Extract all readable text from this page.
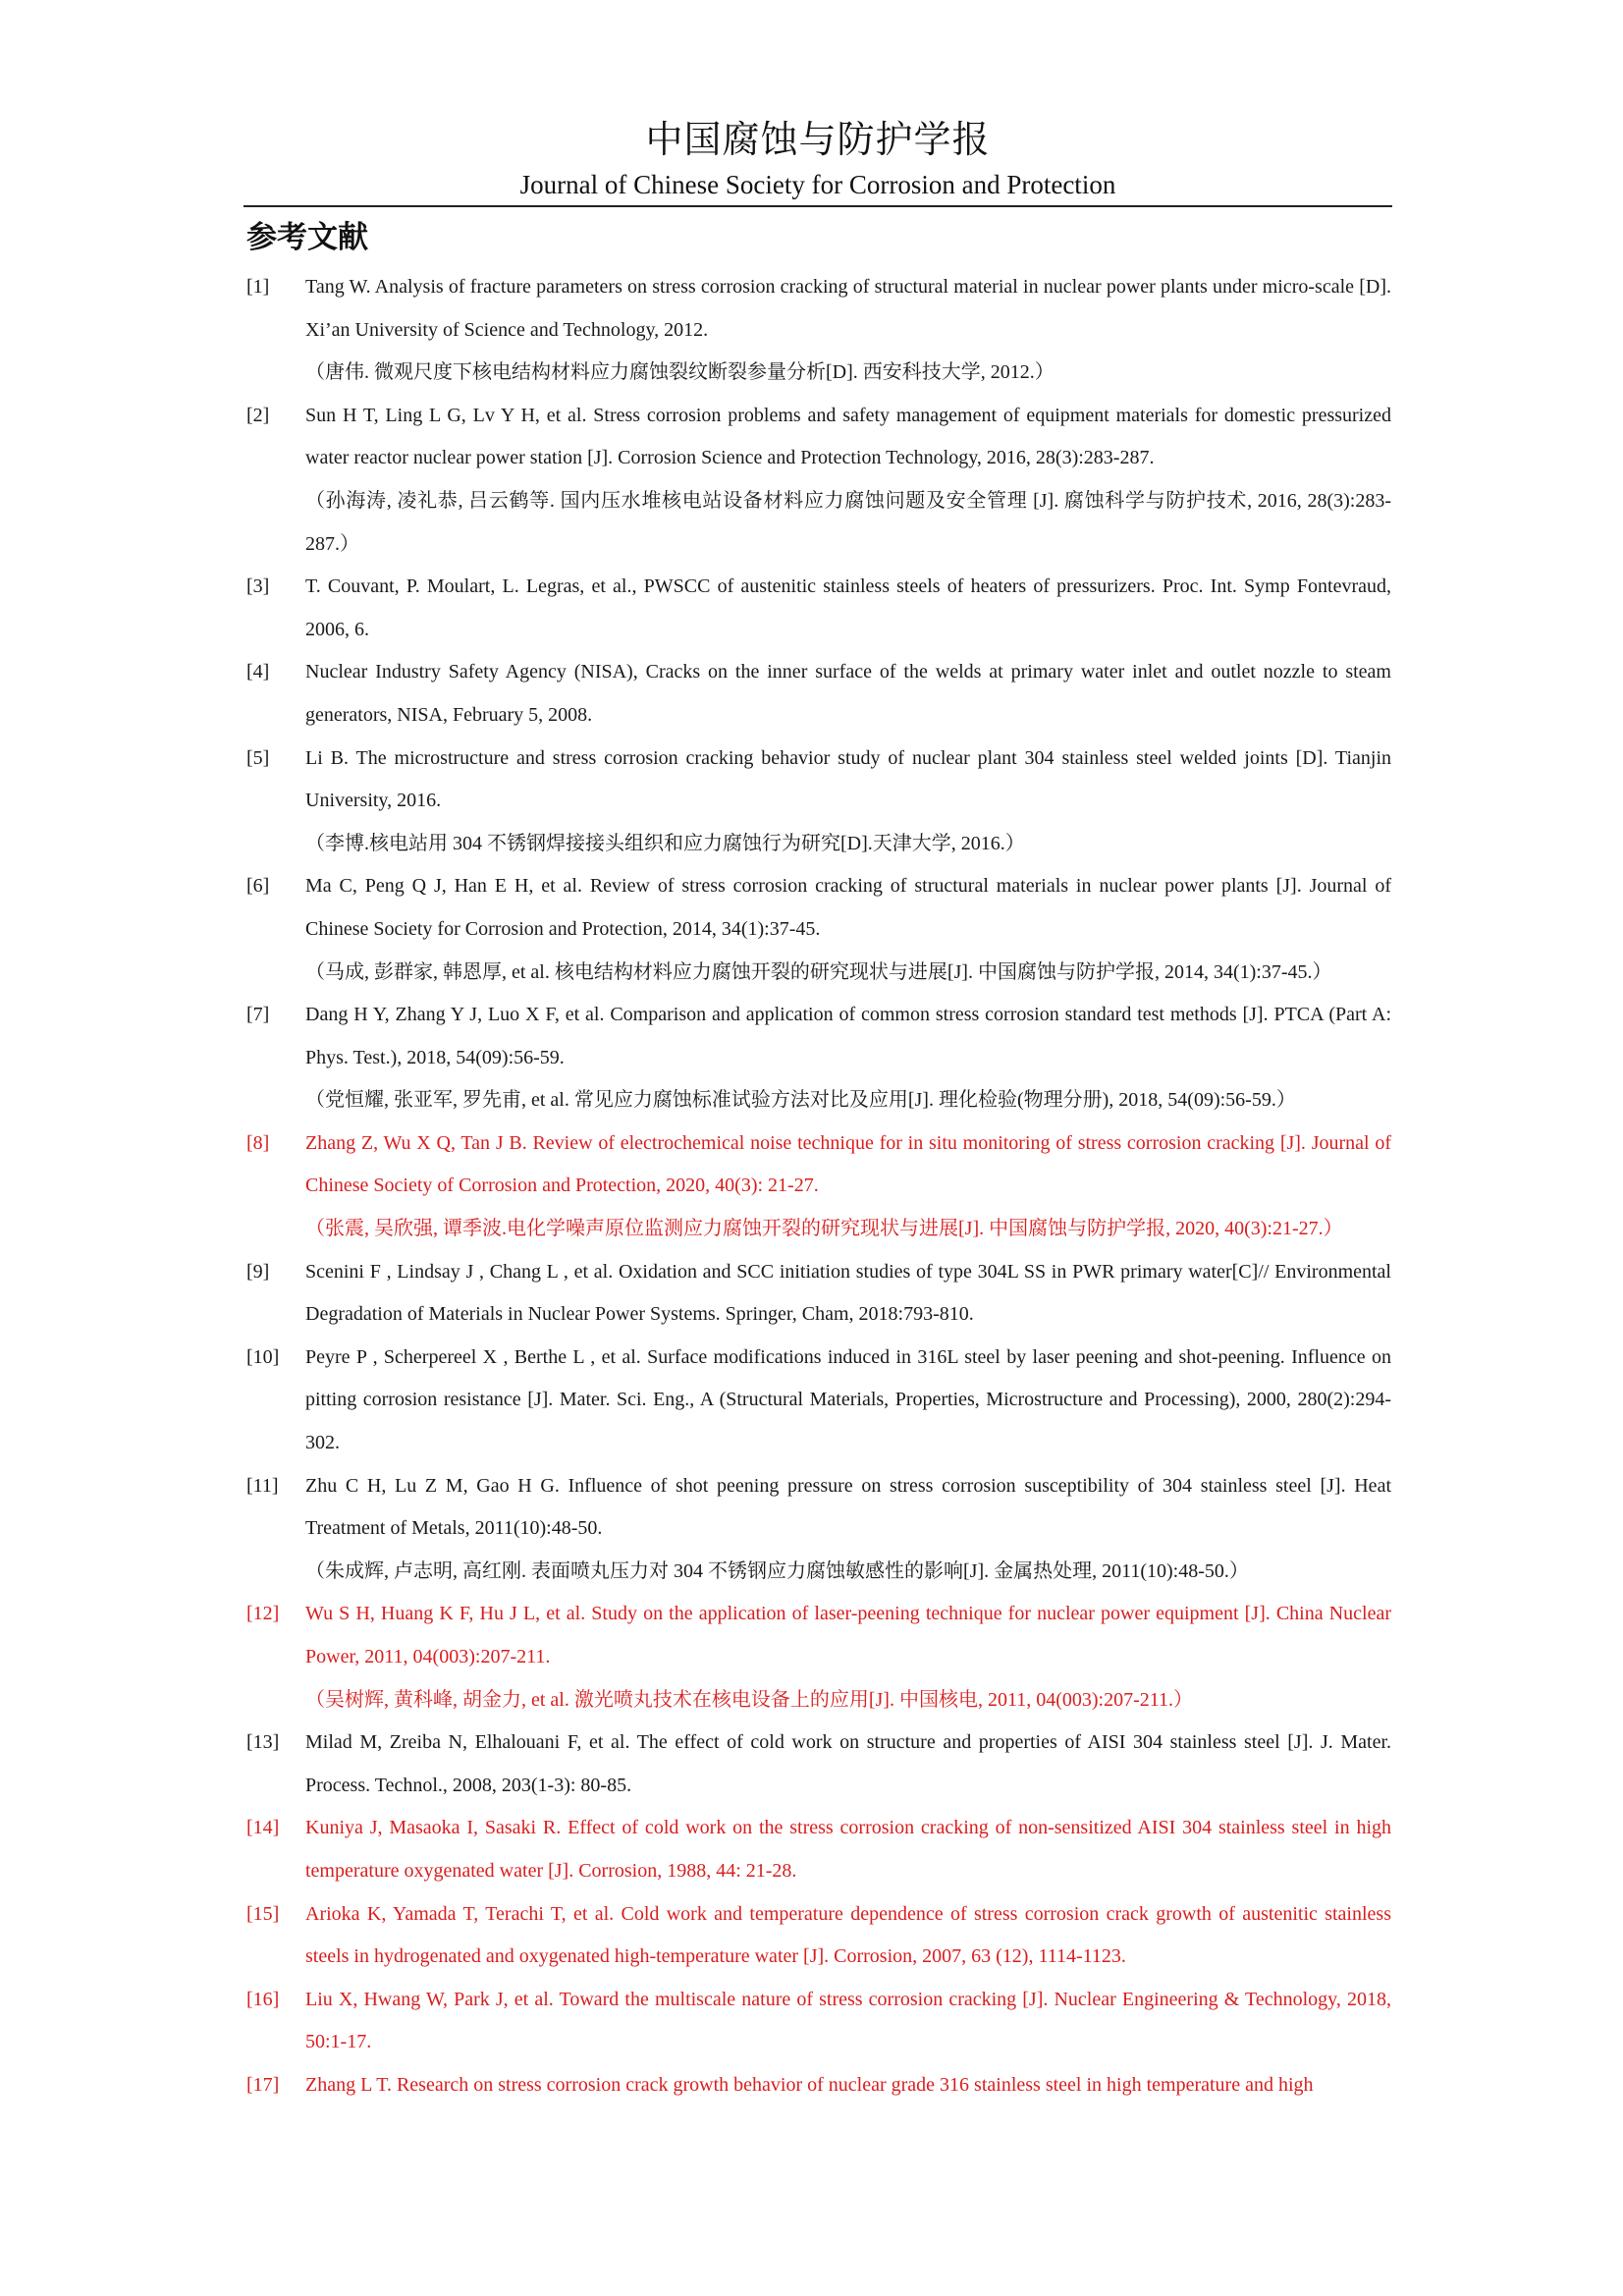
中国腐蚀与防护学报
Journal of Chinese Society for Corrosion and Protection
参考文献
[1] Tang W. Analysis of fracture parameters on stress corrosion cracking of structural material in nuclear power plants under micro-scale [D]. Xi’an University of Science and Technology, 2012.
（唐伟. 微观尺度下核电结构材料应力腐蚀裂纹断裂参量分析[D]. 西安科技大学, 2012.）
[2] Sun H T, Ling L G, Lv Y H, et al. Stress corrosion problems and safety management of equipment materials for domestic pressurized water reactor nuclear power station [J]. Corrosion Science and Protection Technology, 2016, 28(3):283-287.
（孙海涛, 凌礼恭, 吕云鹤等. 国内压水堆核电站设备材料应力腐蚀问题及安全管理 [J]. 腐蚀科学与防护技术, 2016, 28(3):283-287.）
[3] T. Couvant, P. Moulart, L. Legras, et al., PWSCC of austenitic stainless steels of heaters of pressurizers. Proc. Int. Symp Fontevraud, 2006, 6.
[4] Nuclear Industry Safety Agency (NISA), Cracks on the inner surface of the welds at primary water inlet and outlet nozzle to steam generators, NISA, February 5, 2008.
[5] Li B. The microstructure and stress corrosion cracking behavior study of nuclear plant 304 stainless steel welded joints [D]. Tianjin University, 2016.
（李博.核电站用 304 不锈钢焊接接头组织和应力腐蚀行为研究[D].天津大学, 2016.）
[6] Ma C, Peng Q J, Han E H, et al. Review of stress corrosion cracking of structural materials in nuclear power plants [J]. Journal of Chinese Society for Corrosion and Protection, 2014, 34(1):37-45.
（马成, 彭群家, 韩恩厚, et al. 核电结构材料应力腐蚀开裂的研究现状与进展[J]. 中国腐蚀与防护学报, 2014, 34(1):37-45.）
[7] Dang H Y, Zhang Y J, Luo X F, et al. Comparison and application of common stress corrosion standard test methods [J]. PTCA (Part A: Phys. Test.), 2018, 54(09):56-59.
（党恒耀, 张亚军, 罗先甫, et al. 常见应力腐蚀标准试验方法对比及应用[J]. 理化检验(物理分册), 2018, 54(09):56-59.）
[8] Zhang Z, Wu X Q, Tan J B. Review of electrochemical noise technique for in situ monitoring of stress corrosion cracking [J]. Journal of Chinese Society of Corrosion and Protection, 2020, 40(3): 21-27.
（张震, 吴欣强, 谭季波.电化学噪声原位监测应力腐蚀开裂的研究现状与进展[J]. 中国腐蚀与防护学报, 2020, 40(3):21-27.）
[9] Scenini F , Lindsay J , Chang L , et al. Oxidation and SCC initiation studies of type 304L SS in PWR primary water[C]// Environmental Degradation of Materials in Nuclear Power Systems. Springer, Cham, 2018:793-810.
[10] Peyre P , Scherpereel X , Berthe L , et al. Surface modifications induced in 316L steel by laser peening and shot-peening. Influence on pitting corrosion resistance [J]. Mater. Sci. Eng., A (Structural Materials, Properties, Microstructure and Processing), 2000, 280(2):294-302.
[11] Zhu C H, Lu Z M, Gao H G. Influence of shot peening pressure on stress corrosion susceptibility of 304 stainless steel [J]. Heat Treatment of Metals, 2011(10):48-50.
（朱成辉, 卢志明, 高红刚. 表面喷丸压力对 304 不锈钢应力腐蚀敏感性的影响[J]. 金属热处理, 2011(10):48-50.）
[12] Wu S H, Huang K F, Hu J L, et al. Study on the application of laser-peening technique for nuclear power equipment [J]. China Nuclear Power, 2011, 04(003):207-211.
（吴树辉, 黄科峰, 胡金力, et al. 激光喷丸技术在核电设备上的应用[J]. 中国核电, 2011, 04(003):207-211.）
[13] Milad M, Zreiba N, Elhalouani F, et al. The effect of cold work on structure and properties of AISI 304 stainless steel [J]. J. Mater. Process. Technol., 2008, 203(1-3): 80-85.
[14] Kuniya J, Masaoka I, Sasaki R. Effect of cold work on the stress corrosion cracking of non-sensitized AISI 304 stainless steel in high temperature oxygenated water [J]. Corrosion, 1988, 44: 21-28.
[15] Arioka K, Yamada T, Terachi T, et al. Cold work and temperature dependence of stress corrosion crack growth of austenitic stainless steels in hydrogenated and oxygenated high-temperature water [J]. Corrosion, 2007, 63 (12), 1114-1123.
[16] Liu X, Hwang W, Park J, et al. Toward the multiscale nature of stress corrosion cracking [J]. Nuclear Engineering & Technology, 2018, 50:1-17.
[17] Zhang L T. Research on stress corrosion crack growth behavior of nuclear grade 316 stainless steel in high temperature and high
